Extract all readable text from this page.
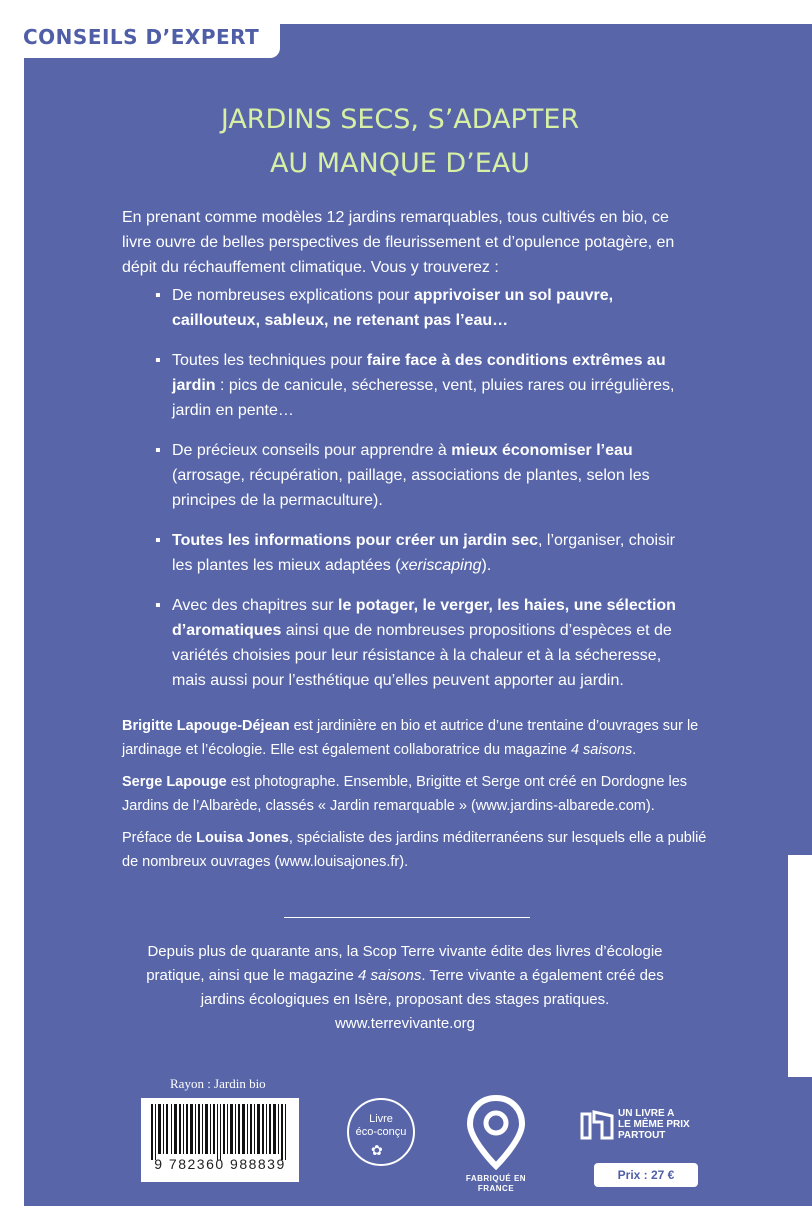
CONSEILS D’EXPERT
JARDINS SECS, S’ADAPTER
AU MANQUE D’EAU
En prenant comme modèles 12 jardins remarquables, tous cultivés en bio, ce livre ouvre de belles perspectives de fleurissement et d’opulence potagère, en dépit du réchauffement climatique. Vous y trouverez :
▪ De nombreuses explications pour apprivoiser un sol pauvre, caillouteux, sableux, ne retenant pas l’eau…
▪ Toutes les techniques pour faire face à des conditions extrêmes au jardin : pics de canicule, sécheresse, vent, pluies rares ou irrégulières, jardin en pente…
▪ De précieux conseils pour apprendre à mieux économiser l’eau (arrosage, récupération, paillage, associations de plantes, selon les principes de la permaculture).
▪ Toutes les informations pour créer un jardin sec, l’organiser, choisir les plantes les mieux adaptées (xeriscaping).
▪ Avec des chapitres sur le potager, le verger, les haies, une sélection d’aromatiques ainsi que de nombreuses propositions d’espèces et de variétés choisies pour leur résistance à la chaleur et à la sécheresse, mais aussi pour l’esthétique qu’elles peuvent apporter au jardin.

Brigitte Lapouge-Déjean est jardinière en bio et autrice d’une trentaine d’ouvrages sur le jardinage et l’écologie. Elle est également collaboratrice du magazine 4 saisons.

Serge Lapouge est photographe. Ensemble, Brigitte et Serge ont créé en Dordogne les Jardins de l’Albarède, classés « Jardin remarquable » (www.jardins-albarede.com).

Préface de Louisa Jones, spécialiste des jardins méditerranéens sur lesquels elle a publié de nombreux ouvrages (www.louisajones.fr).

Depuis plus de quarante ans, la Scop Terre vivante édite des livres d’écologie
pratique, ainsi que le magazine 4 saisons. Terre vivante a également créé des
jardins écologiques en Isère, proposant des stages pratiques.
www.terrevivante.org
Rayon : Jardin bio
9 782360 988839
Livre
éco-conçu
✿
FABRIQUÉ EN FRANCE
UN LIVRE A
LE MÊME PRIX
PARTOUT
Prix : 27 €
